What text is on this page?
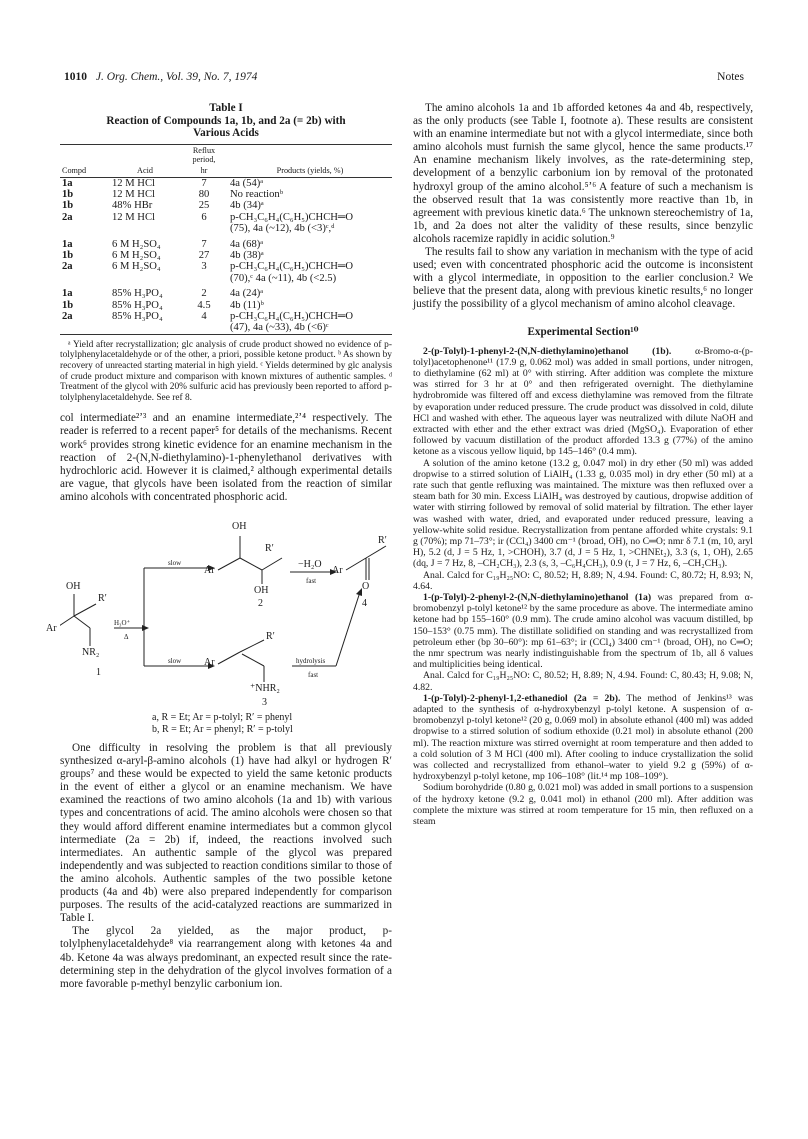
1010 J. Org. Chem., Vol. 39, No. 7, 1974	Notes
Table I
Reaction of Compounds 1a, 1b, and 2a (= 2b) with
Various Acids
		Reflux period,	
Compd	Acid	hr	Products (yields, %)
1a	12 M HCl	7	4a (54)ᵃ
1b	12 M HCl	80	No reactionᵇ
1b	48% HBr	25	4b (34)ᵃ
2a	12 M HCl	6	p-CH₃C₆H₄(C₆H₅)CHCH═O
			(75), 4a (~12), 4b (<3)ᶜ,ᵈ
1a	6 M H₂SO₄	7	4a (68)ᵃ
1b	6 M H₂SO₄	27	4b (38)ᵃ
2a	6 M H₂SO₄	3	p-CH₃C₆H₄(C₆H₅)CHCH═O
			(70),ᶜ 4a (~11), 4b (<2.5)
1a	85% H₃PO₄	2	4a (24)ᵃ
1b	85% H₃PO₄	4.5	4b (11)ᵇ
2a	85% H₃PO₄	4	p-CH₃C₆H₄(C₆H₅)CHCH═O
			(47), 4a (~33), 4b (<6)ᶜ

ᵃ Yield after recrystallization; glc analysis of crude product showed no evidence of p-tolylphenylacetaldehyde or of the other, a priori, possible ketone product. ᵇ As shown by recovery of unreacted starting material in high yield. ᶜ Yields determined by glc analysis of crude product mixture and comparison with known mixtures of authentic samples. ᵈ Treatment of the glycol with 20% sulfuric acid has previously been reported to afford p-tolylphenylacetaldehyde. See ref 8.

col intermediate²ʼ³ and an enamine intermediate,²ʼ⁴ respectively. The reader is referred to a recent paper⁵ for details of the mechanisms. Recent work⁶ provides strong kinetic evidence for an enamine mechanism in the reaction of 2-(N,N-diethylamino)-1-phenylethanol derivatives with hydrochloric acid. However it is claimed,² although experimental details are vague, that glycols have been isolated from the reaction of similar amino alcohols with concentrated phosphoric acid.

OH
R′
Ar
slow	−H₂O
fast
Ar
R′
O
OH
2	4
OH
R′
H₃O⁺
Δ
Ar
NR₂
1
slow Ar
R′
⁺NHR₂
hydrolysis
fast
3
a, R = Et; Ar = p-tolyl; R′ = phenyl
b, R = Et; Ar = phenyl; R′ = p-tolyl

One difficulty in resolving the problem is that all previously synthesized α-aryl-β-amino alcohols (1) have had alkyl or hydrogen R′ groups⁷ and these would be expected to yield the same ketonic products in the event of either a glycol or an enamine mechanism. We have examined the reactions of two amino alcohols (1a and 1b) with various types and concentrations of acid. The amino alcohols were chosen so that they would afford different enamine intermediates but a common glycol intermediate (2a = 2b) if, indeed, the reactions involved such intermediates. An authentic sample of the glycol was prepared independently and was subjected to reaction conditions similar to those of the amino alcohols. Authentic samples of the two possible ketone products (4a and 4b) were also prepared independently for comparison purposes. The results of the acid-catalyzed reactions are summarized in Table I.

The glycol 2a yielded, as the major product, p-tolylphenylacetaldehyde⁸ via rearrangement along with ketones 4a and 4b. Ketone 4a was always predominant, an expected result since the rate-determining step in the dehydration of the glycol involves formation of a more favorable p-methyl benzylic carbonium ion.

The amino alcohols 1a and 1b afforded ketones 4a and 4b, respectively, as the only products (see Table I, footnote a). These results are consistent with an enamine intermediate but not with a glycol intermediate, since both amino alcohols must furnish the same glycol, hence the same products.¹⁷ An enamine mechanism likely involves, as the rate-determining step, development of a benzylic carbonium ion by removal of the protonated hydroxyl group of the amino alcohol.⁵ʼ⁶ A feature of such a mechanism is the observed result that 1a was consistently more reactive than 1b, in agreement with previous kinetic data.⁶ The unknown stereochemistry of 1a, 1b, and 2a does not alter the validity of these results, since benzylic alcohols racemize rapidly in acidic solution.⁹

The results fail to show any variation in mechanism with the type of acid used; even with concentrated phosphoric acid the outcome is inconsistent with a glycol intermediate, in opposition to the earlier conclusion.² We believe that the present data, along with previous kinetic results,⁶ no longer justify the possibility of a glycol mechanism of amino alcohol cleavage.

Experimental Section¹⁰

2-(p-Tolyl)-1-phenyl-2-(N,N-diethylamino)ethanol (1b). α-Bromo-α-(p-tolyl)acetophenone¹¹ (17.9 g, 0.062 mol) was added in small portions, under nitrogen, to diethylamine (62 ml) at 0° with stirring. After addition was complete the mixture was stirred for 3 hr at 0° and then refrigerated overnight. The diethylamine hydrobromide was filtered off and excess diethylamine was removed from the filtrate by evaporation under reduced pressure. The crude product was dissolved in cold, dilute HCl and washed with ether. The aqueous layer was neutralized with dilute NaOH and extracted with ether and the ether extract was dried (MgSO₄). Evaporation of ether followed by vacuum distillation of the product afforded 13.3 g (77%) of the amino ketone as a viscous yellow liquid, bp 145–146° (0.4 mm).

A solution of the amino ketone (13.2 g, 0.047 mol) in dry ether (50 ml) was added dropwise to a stirred solution of LiAlH₄ (1.33 g, 0.035 mol) in dry ether (50 ml) at a rate such that gentle refluxing was maintained. The mixture was then refluxed over a steam bath for 30 min. Excess LiAlH₄ was destroyed by cautious, dropwise addition of water with stirring followed by removal of solid material by filtration. The ether layer was washed with water, dried, and evaporated under reduced pressure, leaving a yellow-white solid residue. Recrystallization from pentane afforded white crystals: 9.1 g (70%); mp 71–73°; ir (CCl₄) 3400 cm⁻¹ (broad, OH), no C═O; nmr δ 7.1 (m, 10, aryl H), 5.2 (d, J = 5 Hz, 1, >CHOH), 3.7 (d, J = 5 Hz, 1, >CHNEt₂), 3.3 (s, 1, OH), 2.65 (dq, J = 7 Hz, 8, –CH₂CH₃), 2.3 (s, 3, –C₆H₄CH₃), 0.9 (t, J = 7 Hz, 6, –CH₂CH₃).

Anal. Calcd for C₁₉H₂₅NO: C, 80.52; H, 8.89; N, 4.94. Found: C, 80.72; H, 8.93; N, 4.64.

1-(p-Tolyl)-2-phenyl-2-(N,N-diethylamino)ethanol (1a) was prepared from α-bromobenzyl p-tolyl ketone¹² by the same procedure as above. The intermediate amino ketone had bp 155–160° (0.9 mm). The crude amino alcohol was vacuum distilled, bp 150–153° (0.75 mm). The distillate solidified on standing and was recrystallized from petroleum ether (bp 30–60°): mp 61–63°; ir (CCl₄) 3400 cm⁻¹ (broad, OH), no C═O; the nmr spectrum was nearly indistinguishable from the spectrum of 1b, all δ values and multiplicities being identical.

Anal. Calcd for C₁₉H₂₅NO: C, 80.52; H, 8.89; N, 4.94. Found: C, 80.43; H, 9.08; N, 4.82.

1-(p-Tolyl)-2-phenyl-1,2-ethanediol (2a = 2b). The method of Jenkins¹³ was adapted to the synthesis of α-hydroxybenzyl p-tolyl ketone. A suspension of α-bromobenzyl p-tolyl ketone¹² (20 g, 0.069 mol) in absolute ethanol (400 ml) was added dropwise to a stirred solution of sodium ethoxide (0.21 mol) in absolute ethanol (200 ml). The reaction mixture was stirred overnight at room temperature and then added to a cold solution of 3 M HCl (400 ml). After cooling to induce crystallization the solid was collected and recrystallized from ethanol–water to yield 9.2 g (59%) of α-hydroxybenzyl p-tolyl ketone, mp 106–108° (lit.¹⁴ mp 108–109°).

Sodium borohydride (0.80 g, 0.021 mol) was added in small portions to a suspension of the hydroxy ketone (9.2 g, 0.041 mol) in ethanol (200 ml). After addition was complete the mixture was stirred at room temperature for 15 min, then refluxed on a steam
